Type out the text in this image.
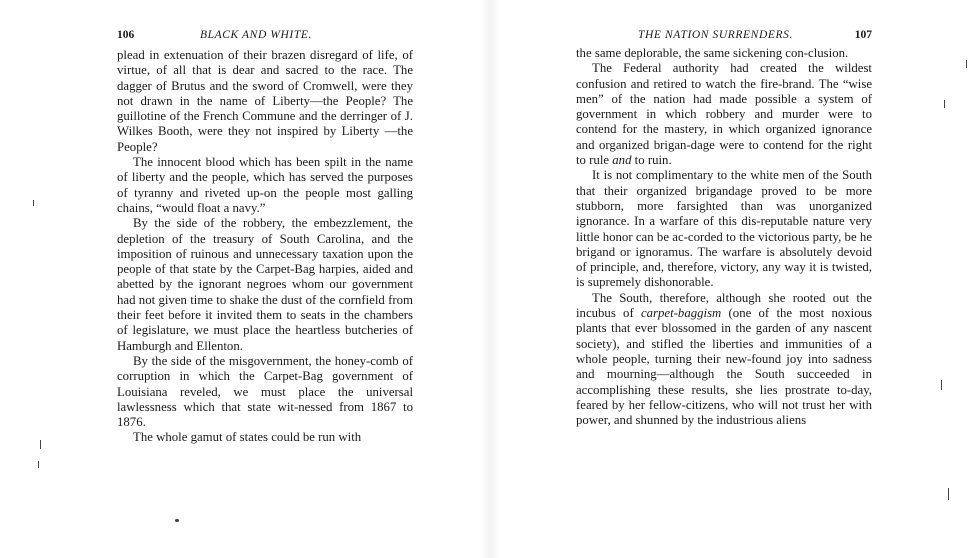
106	BLACK AND WHITE.

plead in extenuation of their brazen disregard of life, of virtue, of all that is dear and sacred to the race. The dagger of Brutus and the sword of Cromwell, were they not drawn in the name of Liberty—the People? The guillotine of the French Commune and the derringer of J. Wilkes Booth, were they not inspired by Liberty —the People?

The innocent blood which has been spilt in the name of liberty and the people, which has served the purposes of tyranny and riveted up-on the people most galling chains, “would float a navy.”

By the side of the robbery, the embezzlement, the depletion of the treasury of South Carolina, and the imposition of ruinous and unnecessary taxation upon the people of that state by the Carpet-Bag harpies, aided and abetted by the ignorant negroes whom our government had not given time to shake the dust of the cornfield from their feet before it invited them to seats in the chambers of legislature, we must place the heartless butcheries of Hamburgh and Ellenton.

By the side of the misgovernment, the honey-comb of corruption in which the Carpet-Bag government of Louisiana reveled, we must place the universal lawlessness which that state wit-nessed from 1867 to 1876.

The whole gamut of states could be run with

THE NATION SURRENDERS.	107

the same deplorable, the same sickening con-clusion.

The Federal authority had created the wildest confusion and retired to watch the fire-brand. The “wise men” of the nation had made possible a system of government in which robbery and murder were to contend for the mastery, in which organized ignorance and organized brigan-dage were to contend for the right to rule and to ruin.

It is not complimentary to the white men of the South that their organized brigandage proved to be more stubborn, more farsighted than was unorganized ignorance. In a warfare of this dis-reputable nature very little honor can be ac-corded to the victorious party, be he brigand or ignoramus. The warfare is absolutely devoid of principle, and, therefore, victory, any way it is twisted, is supremely dishonorable.

The South, therefore, although she rooted out the incubus of carpet-baggism (one of the most noxious plants that ever blossomed in the garden of any nascent society), and stifled the liberties and immunities of a whole people, turning their new-found joy into sadness and mourning—although the South succeeded in accomplishing these results, she lies prostrate to-day, feared by her fellow-citizens, who will not trust her with power, and shunned by the industrious aliens
